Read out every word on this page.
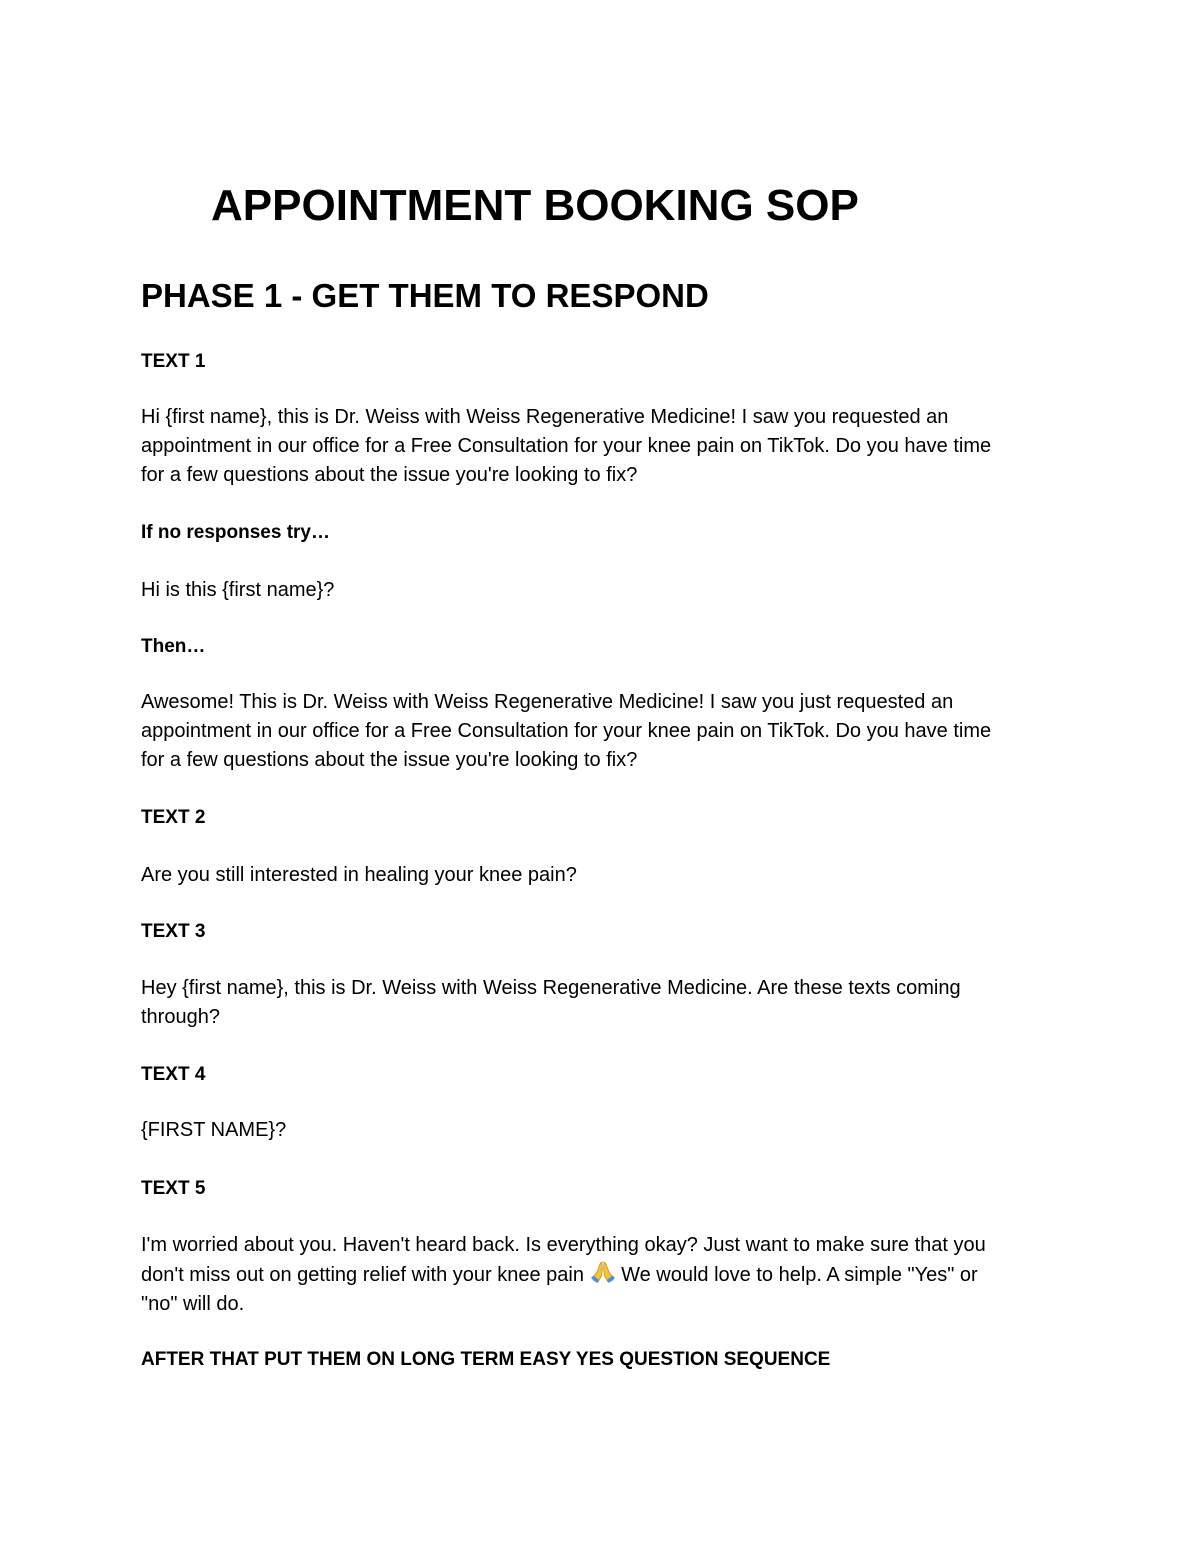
APPOINTMENT BOOKING SOP
PHASE 1 - GET THEM TO RESPOND
TEXT 1
Hi {first name}, this is Dr. Weiss with Weiss Regenerative Medicine! I saw you requested an
appointment in our office for a Free Consultation for your knee pain on TikTok. Do you have time
for a few questions about the issue you're looking to fix?
If no responses try…
Hi is this {first name}?
Then…
Awesome! This is Dr. Weiss with Weiss Regenerative Medicine! I saw you just requested an
appointment in our office for a Free Consultation for your knee pain on TikTok. Do you have time
for a few questions about the issue you're looking to fix?
TEXT 2
Are you still interested in healing your knee pain?
TEXT 3
Hey {first name}, this is Dr. Weiss with Weiss Regenerative Medicine. Are these texts coming
through?
TEXT 4
{FIRST NAME}?
TEXT 5
I'm worried about you. Haven't heard back. Is everything okay? Just want to make sure that you
don't miss out on getting relief with your knee pain  We would love to help. A simple "Yes" or
"no" will do.
AFTER THAT PUT THEM ON LONG TERM EASY YES QUESTION SEQUENCE
